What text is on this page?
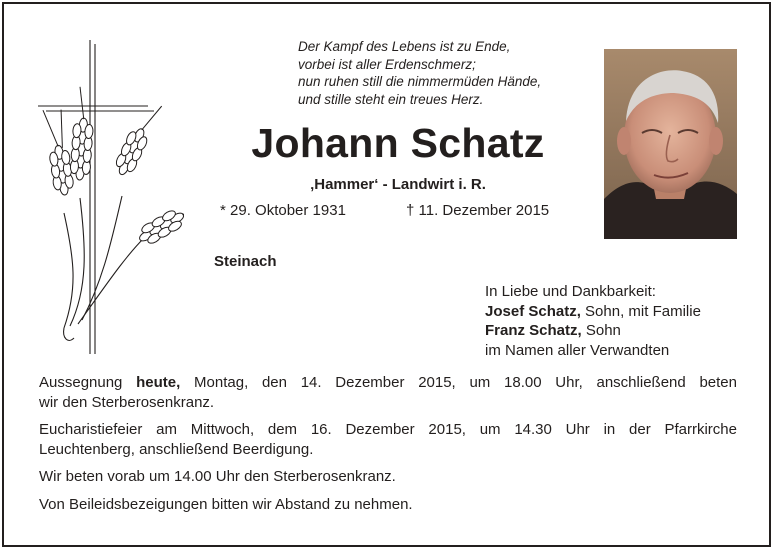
Der Kampf des Lebens ist zu Ende,
vorbei ist aller Erdenschmerz;
nun ruhen still die nimmermüden Hände,
und stille steht ein treues Herz.
Johann Schatz
‚Hammer‘ - Landwirt i. R.
* 29. Oktober 1931	† 11. Dezember 2015
Steinach
In Liebe und Dankbarkeit:
Josef Schatz, Sohn, mit Familie
Franz Schatz, Sohn
im Namen aller Verwandten

Aussegnung heute, Montag, den 14. Dezember 2015, um 18.00 Uhr, anschließend beten
wir den Sterberosenkranz.

Eucharistiefeier am Mittwoch, dem 16. Dezember 2015, um 14.30 Uhr in der Pfarrkirche
Leuchtenberg, anschließend Beerdigung.

Wir beten vorab um 14.00 Uhr den Sterberosenkranz.

Von Beileidsbezeigungen bitten wir Abstand zu nehmen.
